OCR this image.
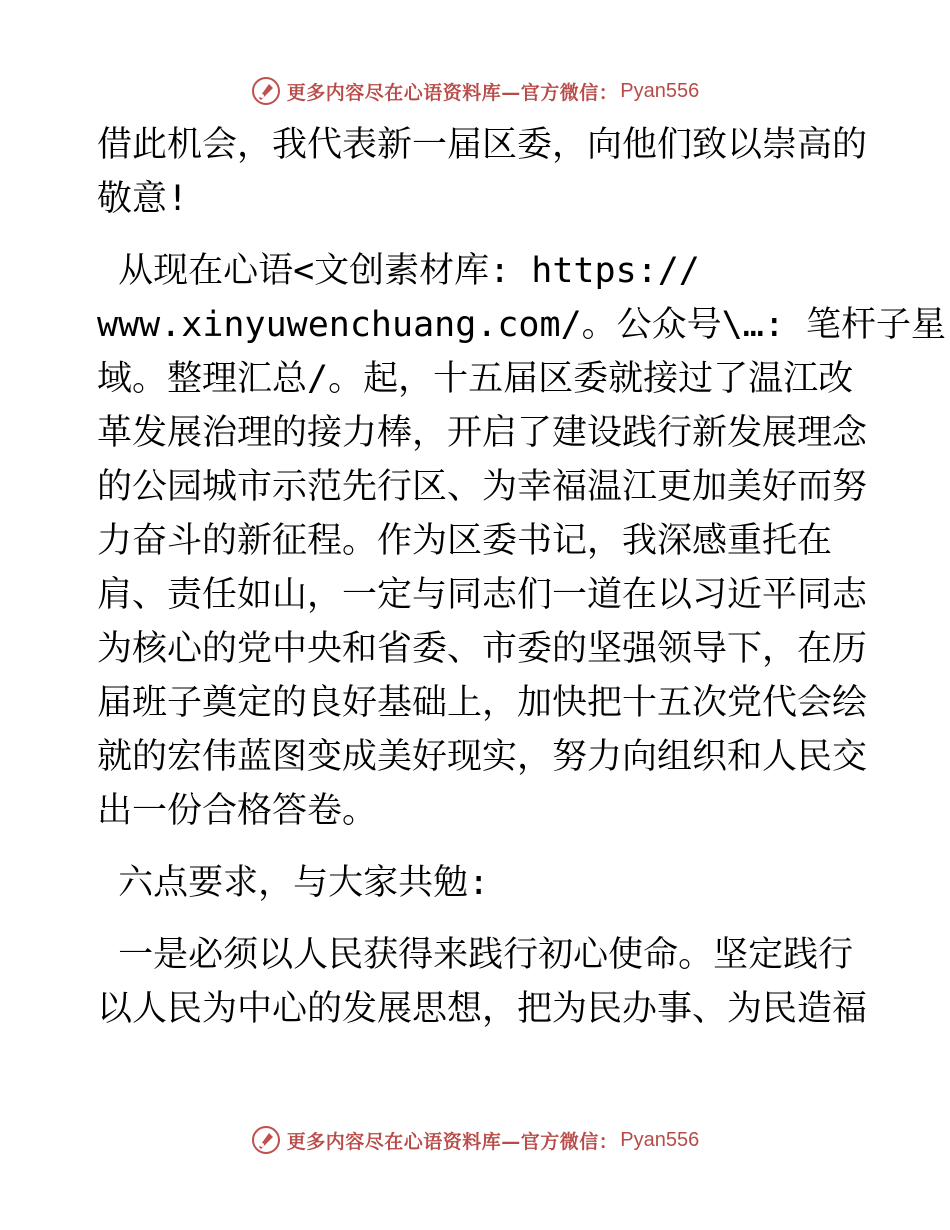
更多内容尽在心语资料库—官方微信： Pyan556
借此机会，我代表新一届区委，向他们致以崇高的
敬意!
从现在心语<文创素材库: https://
www.xinyuwenchuang.com/。公众号\…: 笔杆子星
域。整理汇总/。起，十五届区委就接过了温江改
革发展治理的接力棒，开启了建设践行新发展理念
的公园城市示范先行区、为幸福温江更加美好而努
力奋斗的新征程。作为区委书记，我深感重托在
肩、责任如山，一定与同志们一道在以习近平同志
为核心的党中央和省委、市委的坚强领导下，在历
届班子奠定的良好基础上，加快把十五次党代会绘
就的宏伟蓝图变成美好现实，努力向组织和人民交
出一份合格答卷。
六点要求，与大家共勉:
一是必须以人民获得来践行初心使命。坚定践行
以人民为中心的发展思想，把为民办事、为民造福
更多内容尽在心语资料库—官方微信： Pyan556
